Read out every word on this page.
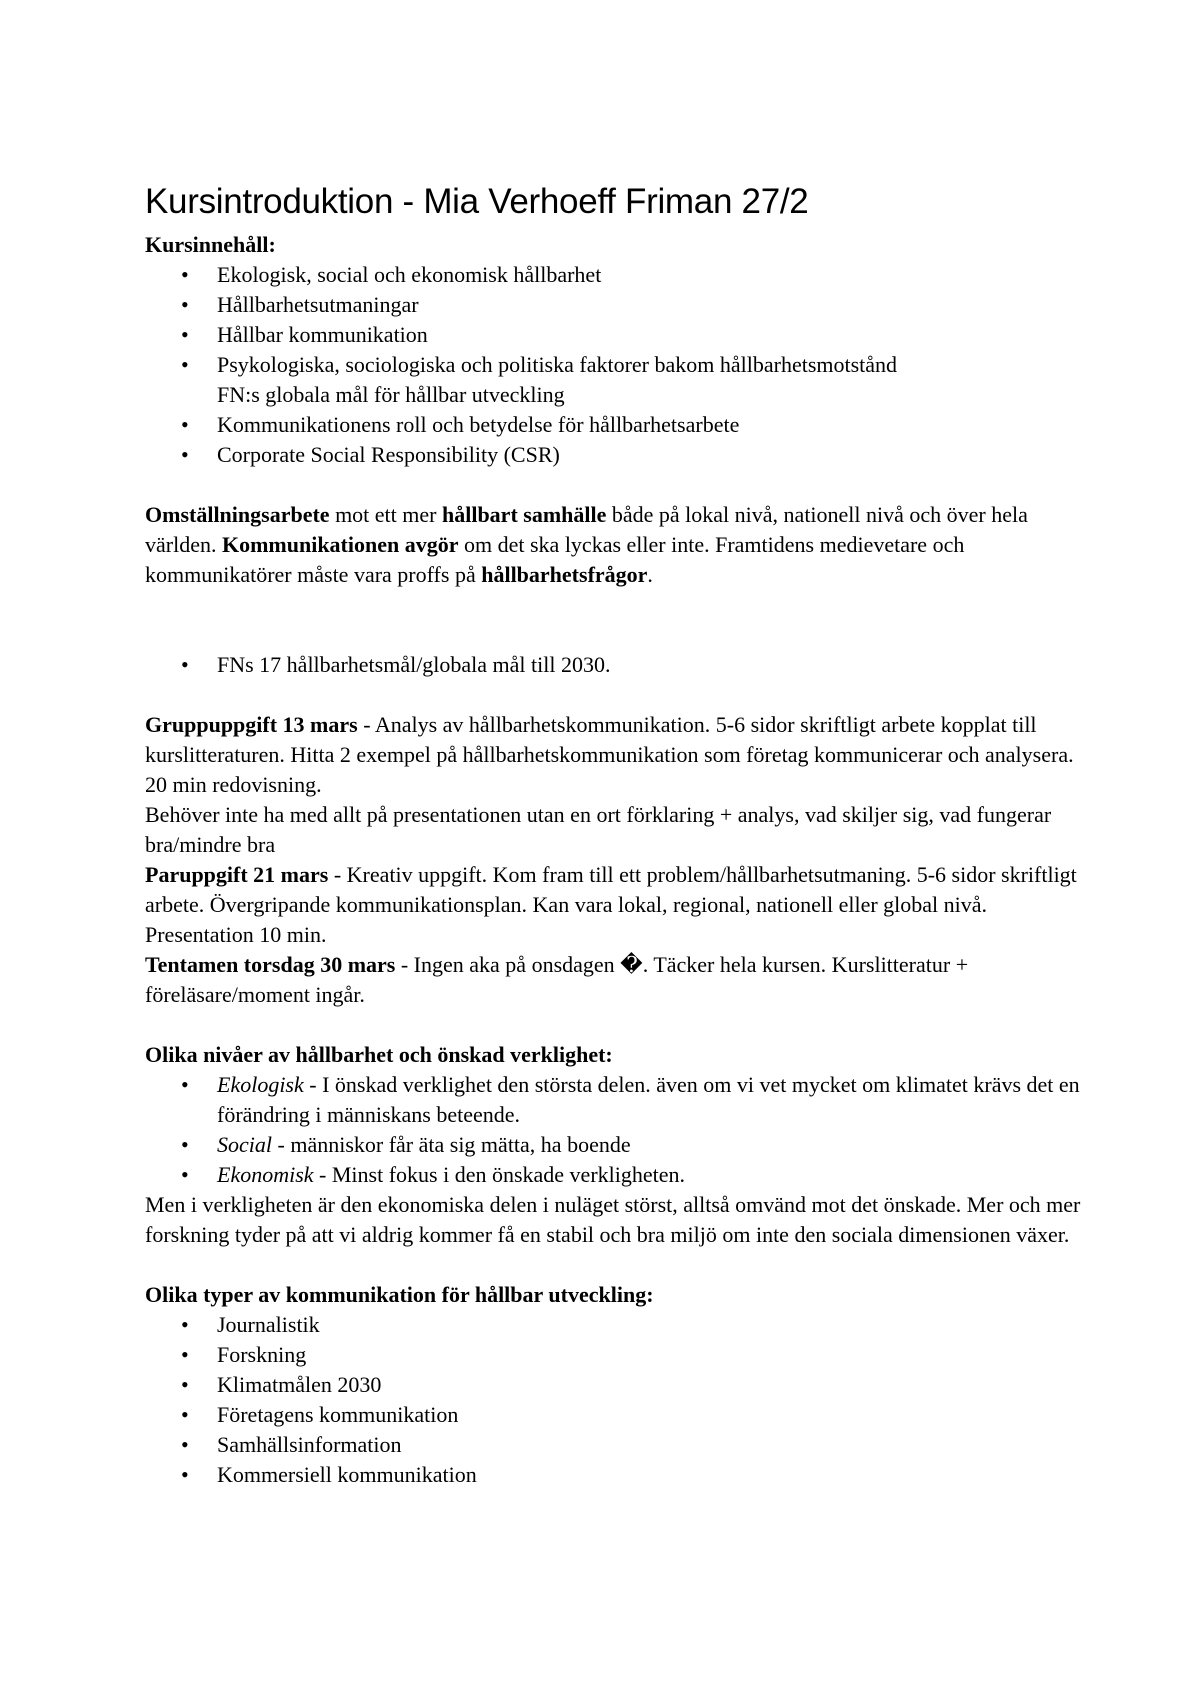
Kursintroduktion - Mia Verhoeff Friman 27/2

Kursinnehåll:

• Ekologisk, social och ekonomisk hållbarhet
• Hållbarhetsutmaningar
• Hållbar kommunikation
• Psykologiska, sociologiska och politiska faktorer bakom hållbarhetsmotstånd
FN:s globala mål för hållbar utveckling
• Kommunikationens roll och betydelse för hållbarhetsarbete
• Corporate Social Responsibility (CSR)

Omställningsarbete mot ett mer hållbart samhälle både på lokal nivå, nationell nivå och över hela världen. Kommunikationen avgör om det ska lyckas eller inte. Framtidens medievetare och kommunikatörer måste vara proffs på hållbarhetsfrågor.

• FNs 17 hållbarhetsmål/globala mål till 2030.

Gruppuppgift 13 mars - Analys av hållbarhetskommunikation. 5-6 sidor skriftligt arbete kopplat till kurslitteraturen. Hitta 2 exempel på hållbarhetskommunikation som företag kommunicerar och analysera. 20 min redovisning.

Behöver inte ha med allt på presentationen utan en ort förklaring + analys, vad skiljer sig, vad fungerar bra/mindre bra

Paruppgift 21 mars - Kreativ uppgift. Kom fram till ett problem/hållbarhetsutmaning. 5-6 sidor skriftligt arbete. Övergripande kommunikationsplan. Kan vara lokal, regional, nationell eller global nivå. Presentation 10 min.

Tentamen torsdag 30 mars - Ingen aka på onsdagen �. Täcker hela kursen. Kurslitteratur + föreläsare/moment ingår.

Olika nivåer av hållbarhet och önskad verklighet:

• Ekologisk - I önskad verklighet den största delen. även om vi vet mycket om klimatet krävs det en förändring i människans beteende.
• Social - människor får äta sig mätta, ha boende
• Ekonomisk - Minst fokus i den önskade verkligheten.

Men i verkligheten är den ekonomiska delen i nuläget störst, alltså omvänd mot det önskade. Mer och mer forskning tyder på att vi aldrig kommer få en stabil och bra miljö om inte den sociala dimensionen växer.

Olika typer av kommunikation för hållbar utveckling:

• Journalistik
• Forskning
• Klimatmålen 2030
• Företagens kommunikation
• Samhällsinformation
• Kommersiell kommunikation
